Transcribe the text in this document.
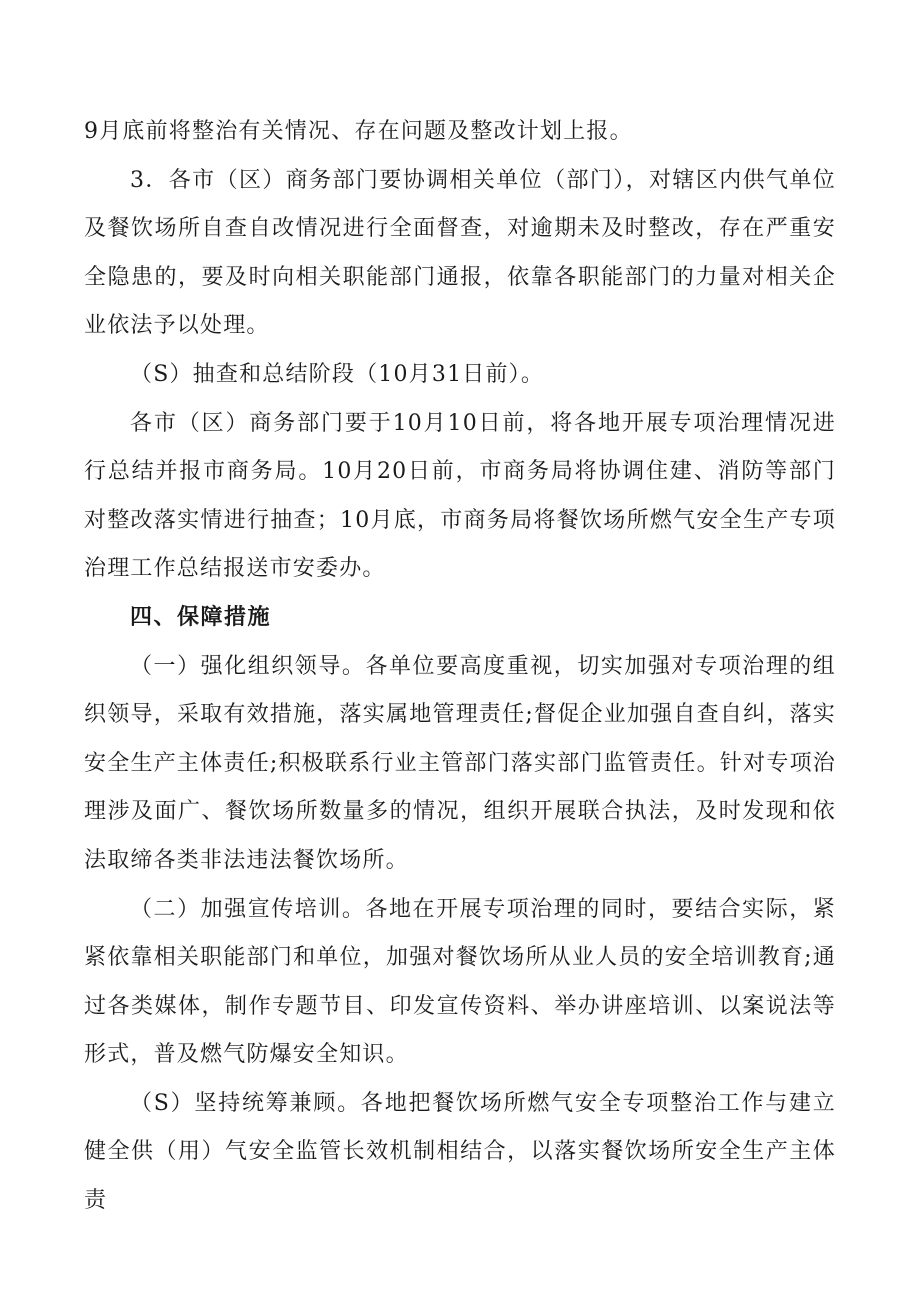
9月底前将整治有关情况、存在问题及整改计划上报。

3．各市（区）商务部门要协调相关单位（部门），对辖区内供气单位及餐饮场所自查自改情况进行全面督查，对逾期未及时整改，存在严重安全隐患的，要及时向相关职能部门通报，依靠各职能部门的力量对相关企业依法予以处理。

（S）抽查和总结阶段（10月31日前）。

各市（区）商务部门要于10月10日前，将各地开展专项治理情况进行总结并报市商务局。10月20日前，市商务局将协调住建、消防等部门对整改落实情进行抽查；10月底，市商务局将餐饮场所燃气安全生产专项治理工作总结报送市安委办。

四、保障措施

（一）强化组织领导。各单位要高度重视，切实加强对专项治理的组织领导，采取有效措施，落实属地管理责任;督促企业加强自查自纠，落实安全生产主体责任;积极联系行业主管部门落实部门监管责任。针对专项治理涉及面广、餐饮场所数量多的情况，组织开展联合执法，及时发现和依法取缔各类非法违法餐饮场所。

（二）加强宣传培训。各地在开展专项治理的同时，要结合实际，紧紧依靠相关职能部门和单位，加强对餐饮场所从业人员的安全培训教育;通过各类媒体，制作专题节目、印发宣传资料、举办讲座培训、以案说法等形式，普及燃气防爆安全知识。

（S）坚持统筹兼顾。各地把餐饮场所燃气安全专项整治工作与建立健全供（用）气安全监管长效机制相结合，以落实餐饮场所安全生产主体责
